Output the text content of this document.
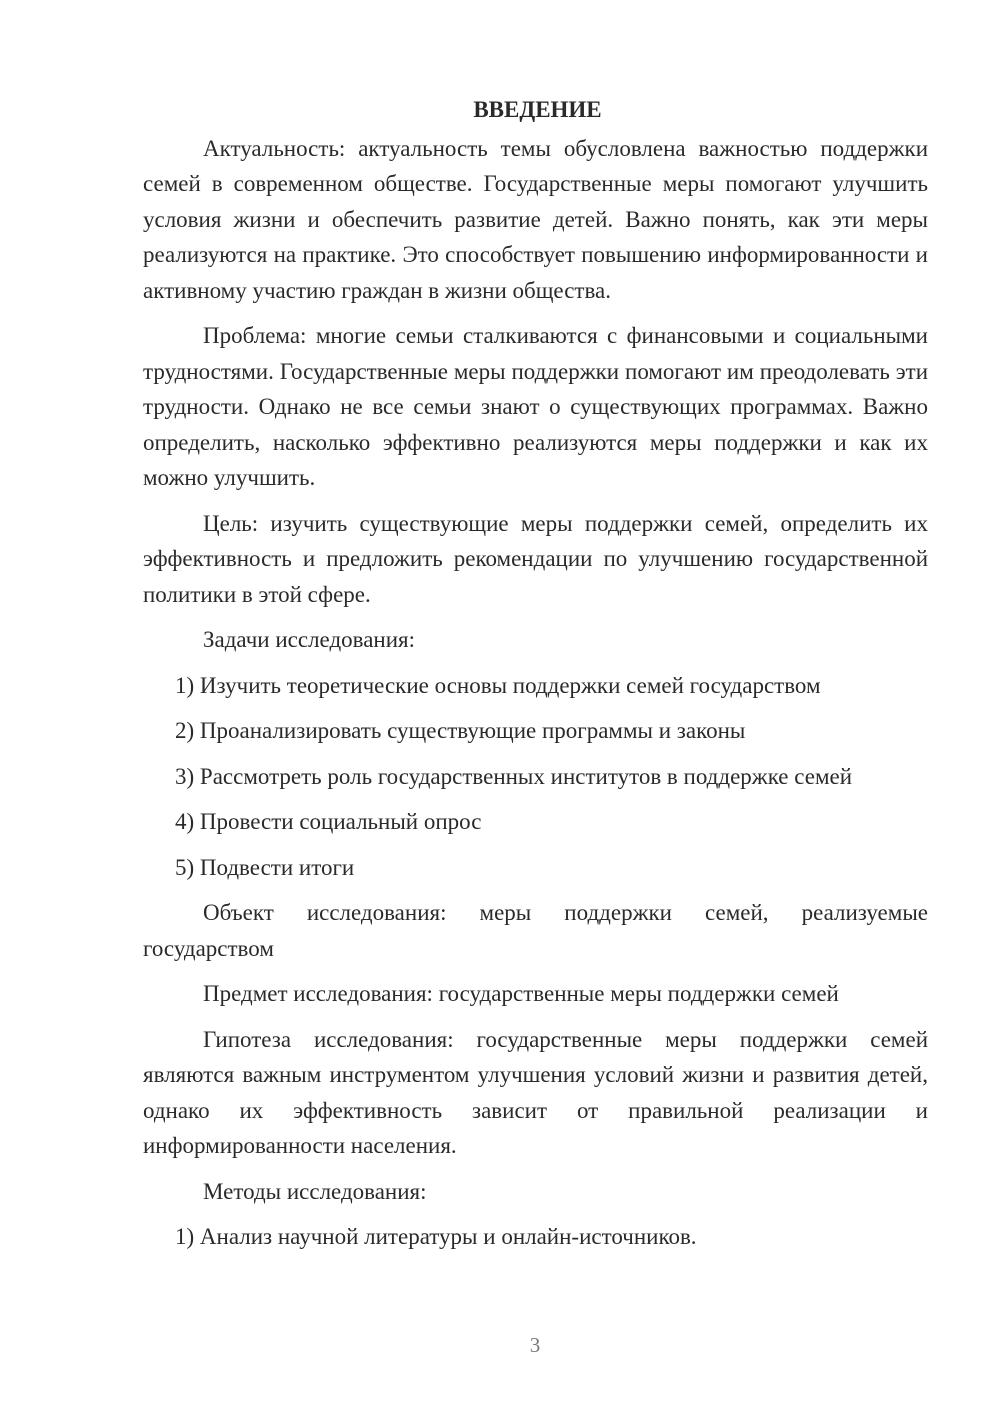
ВВЕДЕНИЕ
Актуальность: актуальность темы обусловлена важностью поддержки семей в современном обществе. Государственные меры помогают улучшить условия жизни и обеспечить развитие детей. Важно понять, как эти меры реализуются на практике. Это способствует повышению информированности и активному участию граждан в жизни общества.
Проблема: многие семьи сталкиваются с финансовыми и социальными трудностями. Государственные меры поддержки помогают им преодолевать эти трудности. Однако не все семьи знают о существующих программах. Важно определить, насколько эффективно реализуются меры поддержки и как их можно улучшить.
Цель: изучить существующие меры поддержки семей, определить их эффективность и предложить рекомендации по улучшению государственной политики в этой сфере.
Задачи исследования:
1) Изучить теоретические основы поддержки семей государством
2) Проанализировать существующие программы и законы
3) Рассмотреть роль государственных институтов в поддержке семей
4) Провести социальный опрос
5) Подвести итоги
Объект исследования: меры поддержки семей, реализуемые государством
Предмет исследования: государственные меры поддержки семей
Гипотеза исследования: государственные меры поддержки семей являются важным инструментом улучшения условий жизни и развития детей, однако их эффективность зависит от правильной реализации и информированности населения.
Методы исследования:
1) Анализ научной литературы и онлайн-источников.
3
